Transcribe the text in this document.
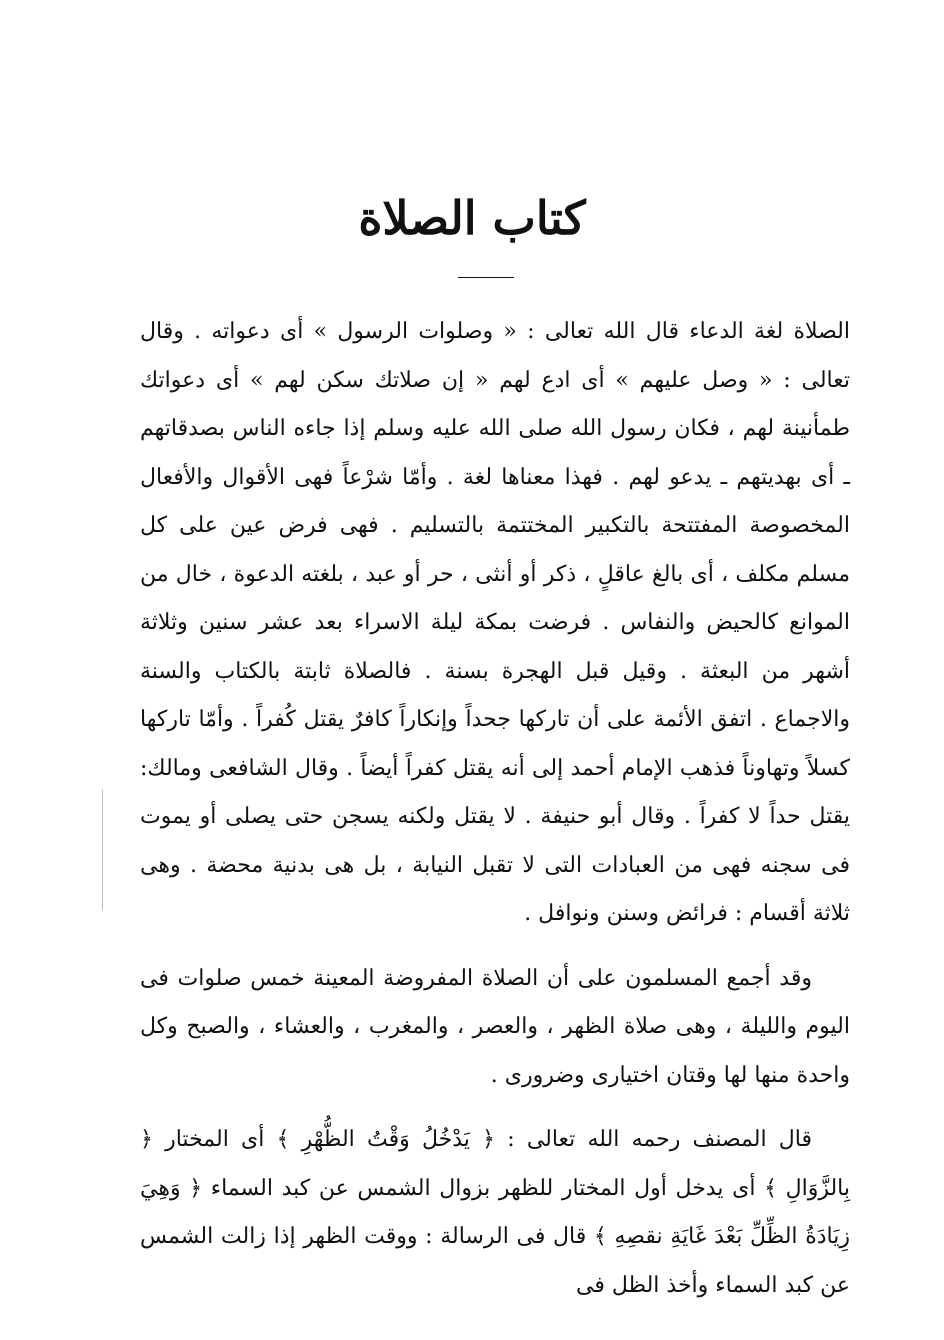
كتاب الصلاة

الصلاة لغة الدعاء قال الله تعالى : « وصلوات الرسول » أى دعواته . وقال تعالى : « وصل عليهم » أى ادع لهم « إن صلاتك سكن لهم » أى دعواتك طمأنينة لهم ، فكان رسول الله صلى الله عليه وسلم إذا جاءه الناس بصدقاتهم ـ أى بهديتهم ـ يدعو لهم . فهذا معناها لغة . وأمّا شرْعاً فهى الأقوال والأفعال المخصوصة المفتتحة بالتكبير المختتمة بالتسليم . فهى فرض عين على كل مسلم مكلف ، أى بالغ عاقلٍ ، ذكر أو أنثى ، حر أو عبد ، بلغته الدعوة ، خال من الموانع كالحيض والنفاس . فرضت بمكة ليلة الاسراء بعد عشر سنين وثلاثة أشهر من البعثة . وقيل قبل الهجرة بسنة . فالصلاة ثابتة بالكتاب والسنة والاجماع . اتفق الأئمة على أن تاركها جحداً وإنكاراً كافرٌ يقتل كُفراً . وأمّا تاركها كسلاً وتهاوناً فذهب الإمام أحمد إلى أنه يقتل كفراً أيضاً . وقال الشافعى ومالك: يقتل حداً لا كفراً . وقال أبو حنيفة . لا يقتل ولكنه يسجن حتى يصلى أو يموت فى سجنه فهى من العبادات التى لا تقبل النيابة ، بل هى بدنية محضة . وهى ثلاثة أقسام : فرائض وسنن ونوافل .

وقد أجمع المسلمون على أن الصلاة المفروضة المعينة خمس صلوات فى اليوم والليلة ، وهى صلاة الظهر ، والعصر ، والمغرب ، والعشاء ، والصبح وكل واحدة منها لها وقتان اختيارى وضرورى .

قال المصنف رحمه الله تعالى : ﴿ يَدْخُلُ وَقْتُ الظُّهْرِ ﴾ أى المختار ﴿ بِالزَّوَالِ ﴾ أى يدخل أول المختار للظهر بزوال الشمس عن كبد السماء ﴿ وَهِيَ زِيَادَةُ الظِّلِّ بَعْدَ غَايَةِ نقصِهِ ﴾ قال فى الرسالة : ووقت الظهر إذا زالت الشمس عن كبد السماء وأخذ الظل فى
